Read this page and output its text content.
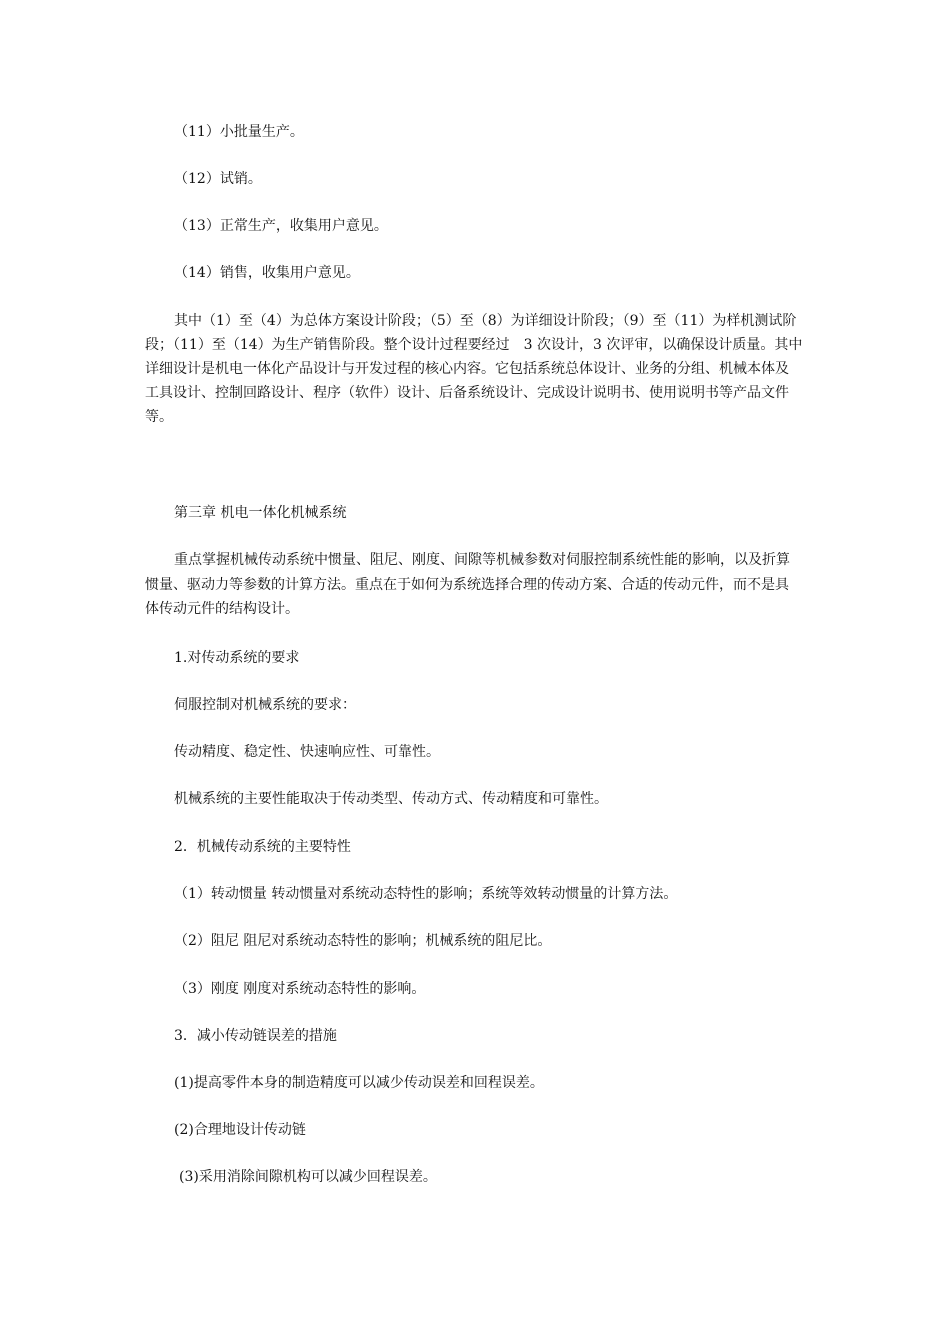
（11）小批量生产。
（12）试销。
（13）正常生产，收集用户意见。
（14）销售，收集用户意见。
其中（1）至（4）为总体方案设计阶段；（5）至（8）为详细设计阶段；（9）至（11）为样机测试阶
段；（11）至（14）为生产销售阶段。整个设计过程要经过　3 次设计，3 次评审，以确保设计质量。其中
详细设计是机电一体化产品设计与开发过程的核心内容。它包括系统总体设计、业务的分组、机械本体及
工具设计、控制回路设计、程序（软件）设计、后备系统设计、完成设计说明书、使用说明书等产品文件
等。
第三章 机电一体化机械系统
重点掌握机械传动系统中惯量、阻尼、刚度、间隙等机械参数对伺服控制系统性能的影响，以及折算
惯量、驱动力等参数的计算方法。重点在于如何为系统选择合理的传动方案、合适的传动元件，而不是具
体传动元件的结构设计。
1.对传动系统的要求
伺服控制对机械系统的要求：
传动精度、稳定性、快速响应性、可靠性。
机械系统的主要性能取决于传动类型、传动方式、传动精度和可靠性。
2．机械传动系统的主要特性
（1）转动惯量 转动惯量对系统动态特性的影响；系统等效转动惯量的计算方法。
（2）阻尼 阻尼对系统动态特性的影响；机械系统的阻尼比。
（3）刚度 刚度对系统动态特性的影响。
3．减小传动链误差的措施
(1)提高零件本身的制造精度可以减少传动误差和回程误差。
(2)合理地设计传动链
(3)采用消除间隙机构可以减少回程误差。
